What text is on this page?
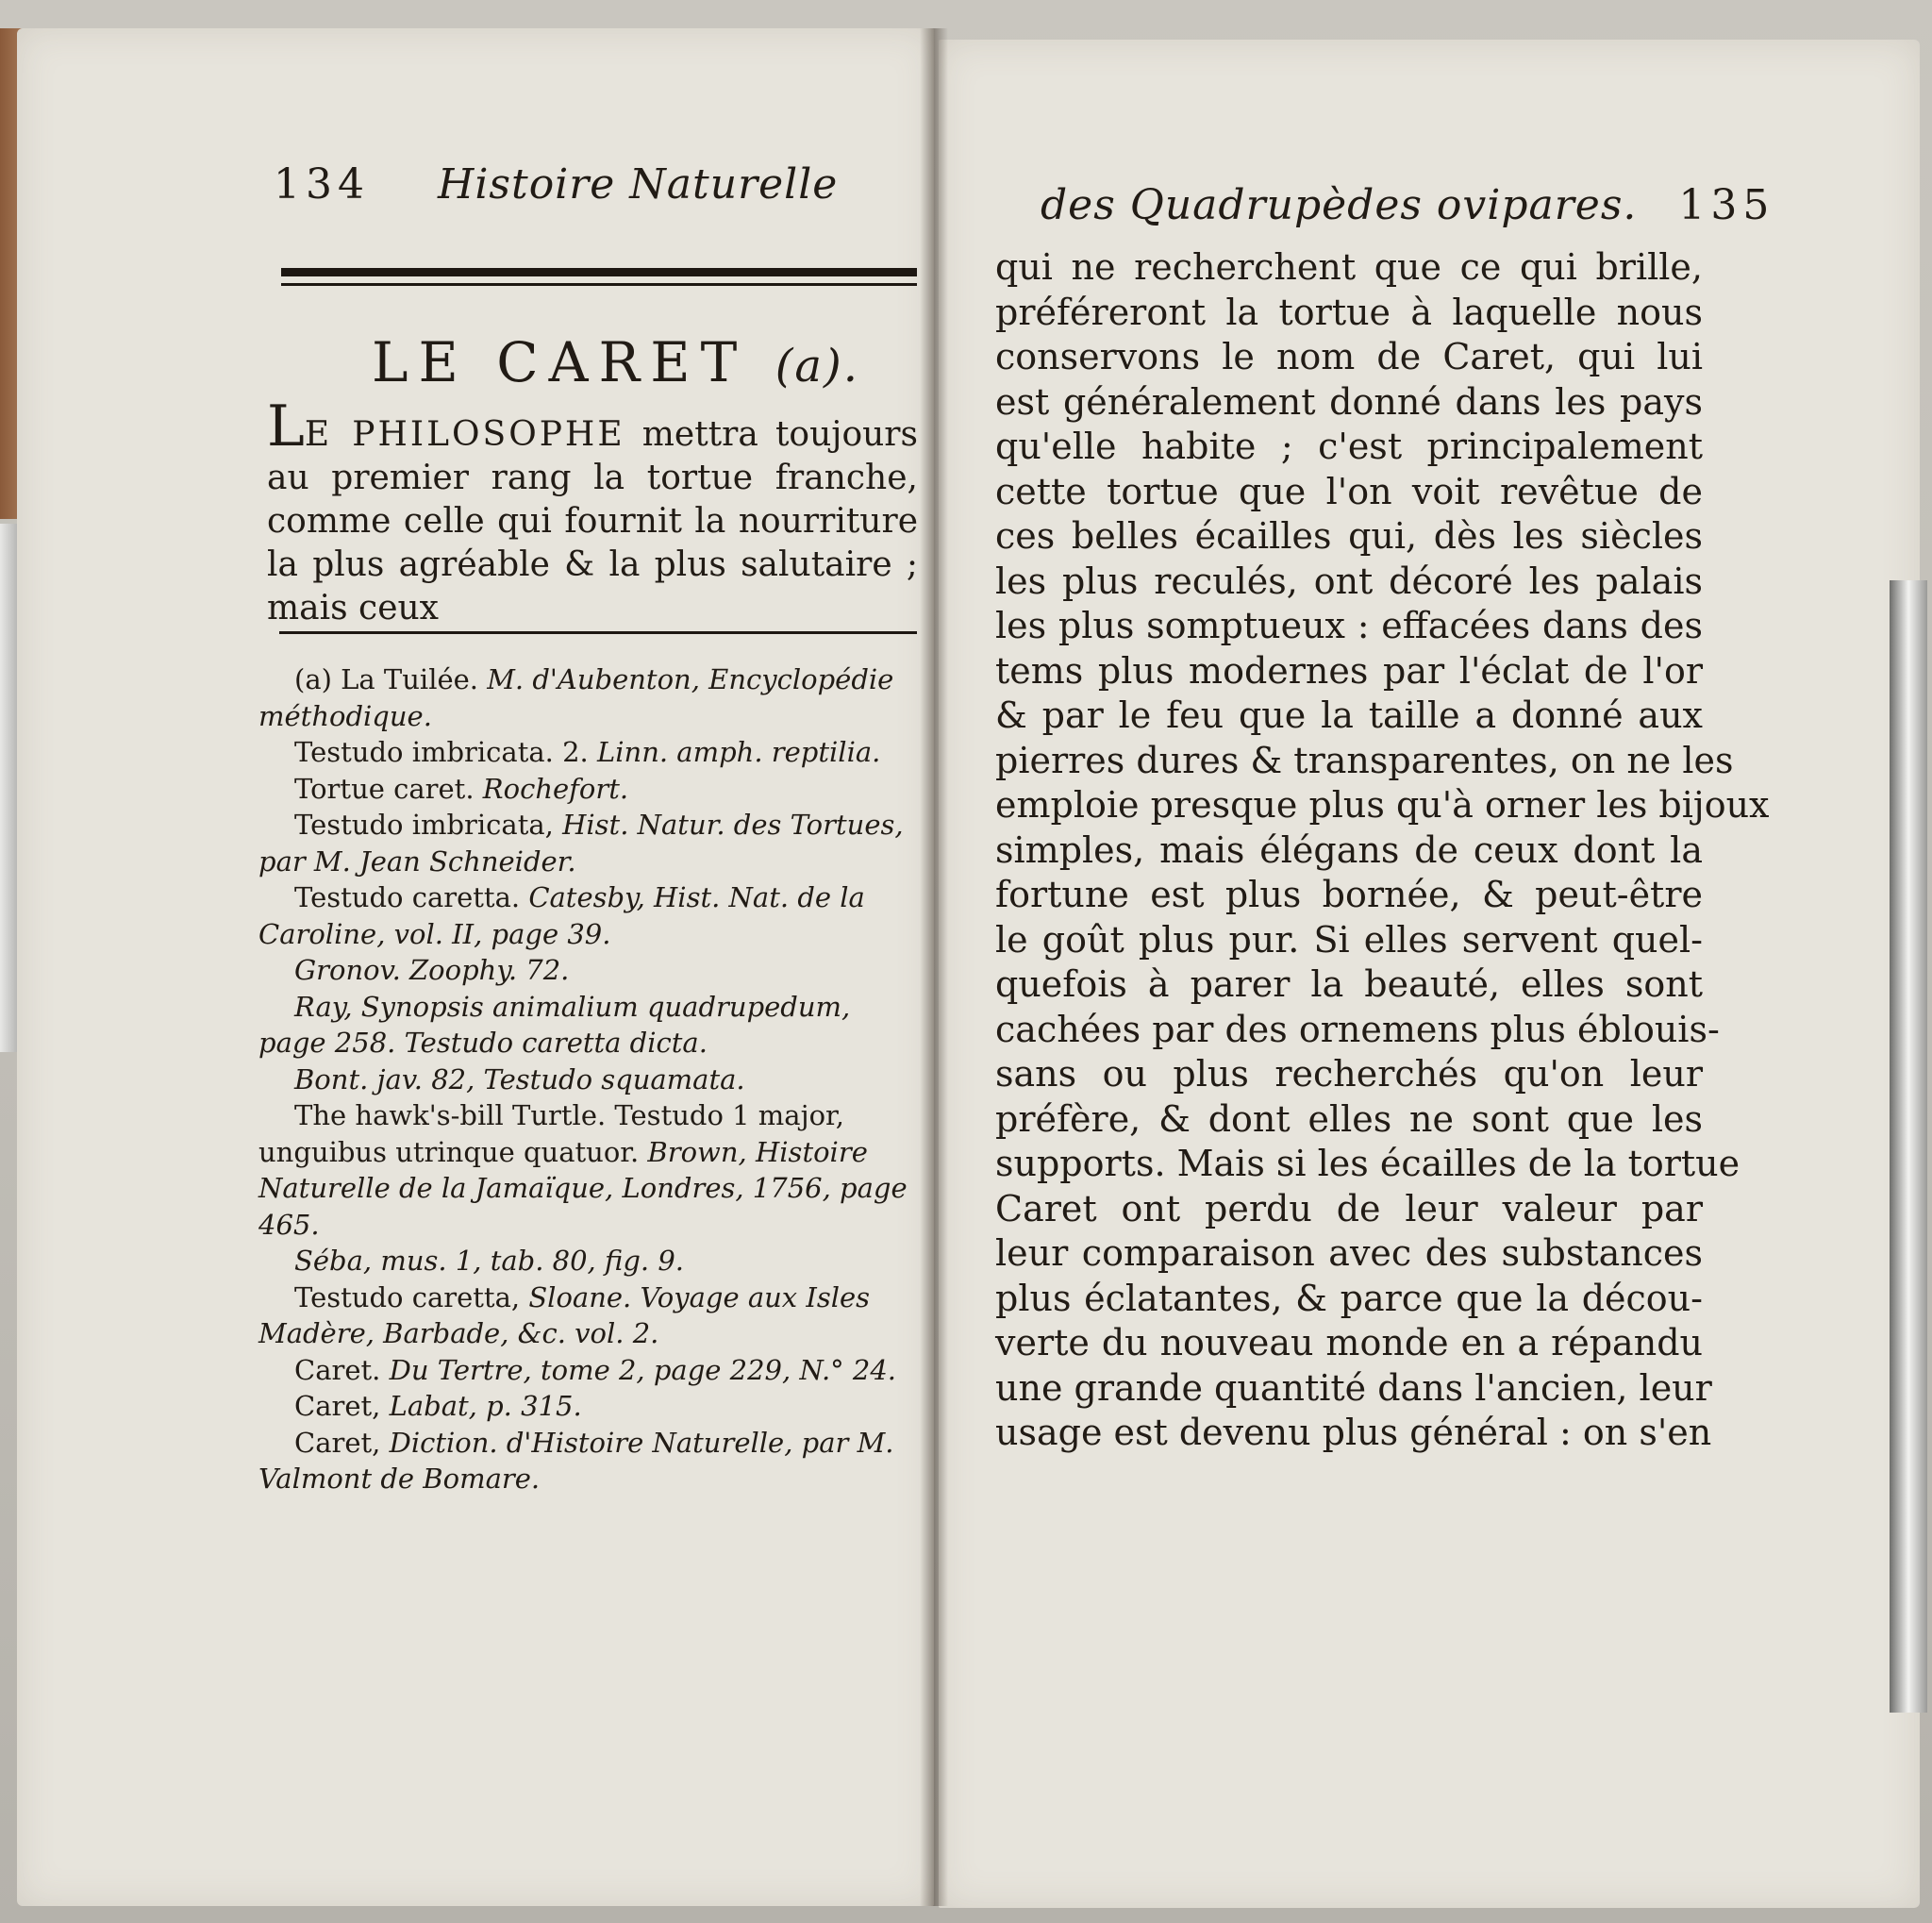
134 Histoire Naturelle
LE CARET (a).
LE PHILOSOPHE mettra toujours au premier rang la tortue franche, comme celle qui fournit la nourriture la plus agréable & la plus salutaire ; mais ceux

(a) La Tuilée. M. d'Aubenton, Encyclopédie méthodique.

Testudo imbricata. 2. Linn. amph. reptilia.

Tortue caret. Rochefort.

Testudo imbricata, Hist. Natur. des Tortues, par M. Jean Schneider.

Testudo caretta. Catesby, Hist. Nat. de la Caroline, vol. II, page 39.

Gronov. Zoophy. 72.

Ray, Synopsis animalium quadrupedum, page 258. Testudo caretta dicta.

Bont. jav. 82, Testudo squamata.

The hawk's-bill Turtle. Testudo 1 major, unguibus utrinque quatuor. Brown, Histoire Naturelle de la Jamaïque, Londres, 1756, page 465.

Séba, mus. 1, tab. 80, fig. 9.

Testudo caretta, Sloane. Voyage aux Isles Madère, Barbade, &c. vol. 2.

Caret. Du Tertre, tome 2, page 229, N.° 24.

Caret, Labat, p. 315.

Caret, Diction. d'Histoire Naturelle, par M. Valmont de Bomare.

des Quadrupèdes ovipares. 135
qui ne recherchent que ce qui brille,
préféreront la tortue à laquelle nous
conservons le nom de Caret, qui lui
est généralement donné dans les pays
qu'elle habite ; c'est principalement
cette tortue que l'on voit revêtue de
ces belles écailles qui, dès les siècles
les plus reculés, ont décoré les palais
les plus somptueux : effacées dans des
tems plus modernes par l'éclat de l'or
& par le feu que la taille a donné aux
pierres dures & transparentes, on ne les
emploie presque plus qu'à orner les bijoux
simples, mais élégans de ceux dont la
fortune est plus bornée, & peut-être
le goût plus pur. Si elles servent quel-
quefois à parer la beauté, elles sont
cachées par des ornemens plus éblouis-
sans ou plus recherchés qu'on leur
préfère, & dont elles ne sont que les
supports. Mais si les écailles de la tortue
Caret ont perdu de leur valeur par
leur comparaison avec des substances
plus éclatantes, & parce que la décou-
verte du nouveau monde en a répandu
une grande quantité dans l'ancien, leur
usage est devenu plus général : on s'en
